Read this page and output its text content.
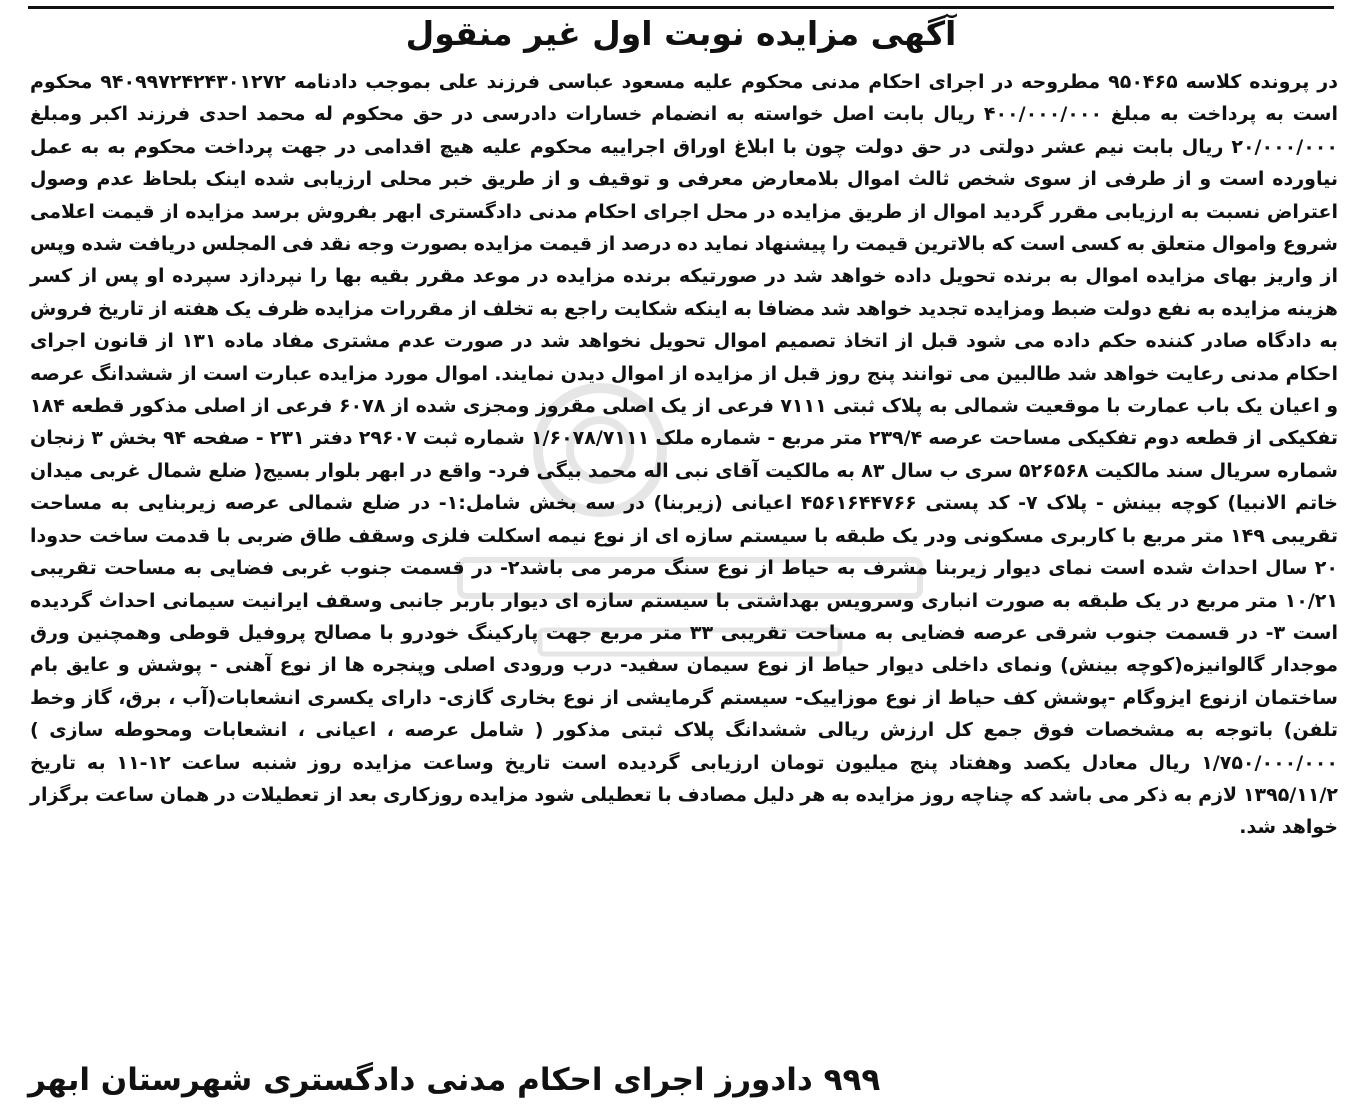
آگهی مزایده نوبت اول غیر منقول
در پرونده کلاسه ۹۵۰۴۶۵ مطروحه در اجرای احکام مدنی محکوم علیه مسعود عباسی فرزند علی بموجب دادنامه ۹۴۰۹۹۷۲۴۲۴۳۰۱۲۷۲ محکوم است به پرداخت به مبلغ ۴۰۰/۰۰۰/۰۰۰ ریال بابت اصل خواسته به انضمام خسارات دادرسی در حق محکوم له محمد احدی فرزند اکبر ومبلغ ۲۰/۰۰۰/۰۰۰ ریال بابت نیم عشر دولتی در حق دولت چون با ابلاغ اوراق اجراییه محکوم علیه هیچ اقدامی در جهت پرداخت محکوم به به عمل نیاورده است و از طرفی از سوی شخص ثالث اموال بلامعارض معرفی و توقیف و از طریق خبر محلی ارزیابی شده اینک بلحاظ عدم وصول اعتراض نسبت به ارزیابی مقرر گردید اموال از طریق مزایده در محل اجرای احکام مدنی دادگستری ابهر بفروش برسد مزایده از قیمت اعلامی شروع واموال متعلق به کسی است که بالاترین قیمت را پیشنهاد نماید ده درصد از قیمت مزایده بصورت وجه نقد فی المجلس دریافت شده وپس از واریز بهای مزایده اموال به برنده تحویل داده خواهد شد در صورتیکه برنده مزایده در موعد مقرر بقیه بها را نپردازد سپرده او پس از کسر هزینه مزایده به نفع دولت ضبط ومزایده تجدید خواهد شد مضافا به اینکه شکایت راجع به تخلف از مقررات مزایده ظرف یک هفته از تاریخ فروش به دادگاه صادر کننده حکم داده می شود قبل از اتخاذ تصمیم اموال تحویل نخواهد شد در صورت عدم مشتری مفاد ماده ۱۳۱ از قانون اجرای احکام مدنی رعایت خواهد شد طالبین می توانند پنج روز قبل از مزایده از اموال دیدن نمایند. اموال مورد مزایده عبارت است از ششدانگ عرصه و اعیان یک باب عمارت با موقعیت شمالی به پلاک ثبتی ۷۱۱۱ فرعی از یک اصلی مقروز ومجزی شده از ۶۰۷۸ فرعی از اصلی مذکور قطعه ۱۸۴ تفکیکی از قطعه دوم تفکیکی مساحت عرصه ۲۳۹/۴ متر مربع - شماره ملک ۱/۶۰۷۸/۷۱۱۱ شماره ثبت ۲۹۶۰۷ دفتر ۲۳۱ - صفحه ۹۴ بخش ۳ زنجان شماره سریال سند مالکیت ۵۲۶۵۶۸ سری ب سال ۸۳ به مالکیت آقای نبی اله محمد بیگی فرد- واقع در ابهر بلوار بسیج( ضلع شمال غربی میدان خاتم الانبیا) کوچه بینش - پلاک ۷- کد پستی ۴۵۶۱۶۴۴۷۶۶ اعیانی (زیربنا) در سه بخش شامل:۱- در ضلع شمالی عرصه زیربنایی به مساحت تقریبی ۱۴۹ متر مربع با کاربری مسکونی ودر یک طبقه با سیستم سازه ای از نوع نیمه اسکلت فلزی وسقف طاق ضربی با قدمت ساخت حدودا ۲۰ سال احداث شده است نمای دیوار زیربنا مشرف به حیاط از نوع سنگ مرمر می باشد۲- در قسمت جنوب غربی فضایی به مساحت تقریبی ۱۰/۲۱ متر مربع در یک طبقه به صورت انباری وسرویس بهداشتی با سیستم سازه ای دیوار باربر جانبی وسقف ایرانیت سیمانی احداث گردیده است ۳- در قسمت جنوب شرقی عرصه فضایی به مساحت تقریبی ۳۳ متر مربع جهت پارکینگ خودرو با مصالح پروفیل قوطی وهمچنین ورق موجدار گالوانیزه(کوچه بینش) ونمای داخلی دیوار حیاط از نوع سیمان سفید- درب ورودی اصلی وپنجره ها از نوع آهنی - پوشش و عایق بام ساختمان ازنوع ایزوگام -پوشش کف حیاط از نوع موزاییک- سیستم گرمایشی از نوع بخاری گازی- دارای یکسری انشعابات(آب ، برق، گاز وخط تلفن) باتوجه به مشخصات فوق جمع کل ارزش ریالی ششدانگ پلاک ثبتی مذکور ( شامل عرصه ، اعیانی ، انشعابات ومحوطه سازی ) ۱/۷۵۰/۰۰۰/۰۰۰ ریال معادل یکصد وهفتاد پنج میلیون تومان ارزیابی گردیده است تاریخ وساعت مزایده روز شنبه ساعت ۱۲-۱۱ به تاریخ ۱۳۹۵/۱۱/۲ لازم به ذکر می باشد که چناچه روز مزایده به هر دلیل مصادف با تعطیلی شود مزایده روزکاری بعد از تعطیلات در همان ساعت برگزار خواهد شد.
۹۹۹ دادورز اجرای احکام مدنی دادگستری شهرستان ابهر
